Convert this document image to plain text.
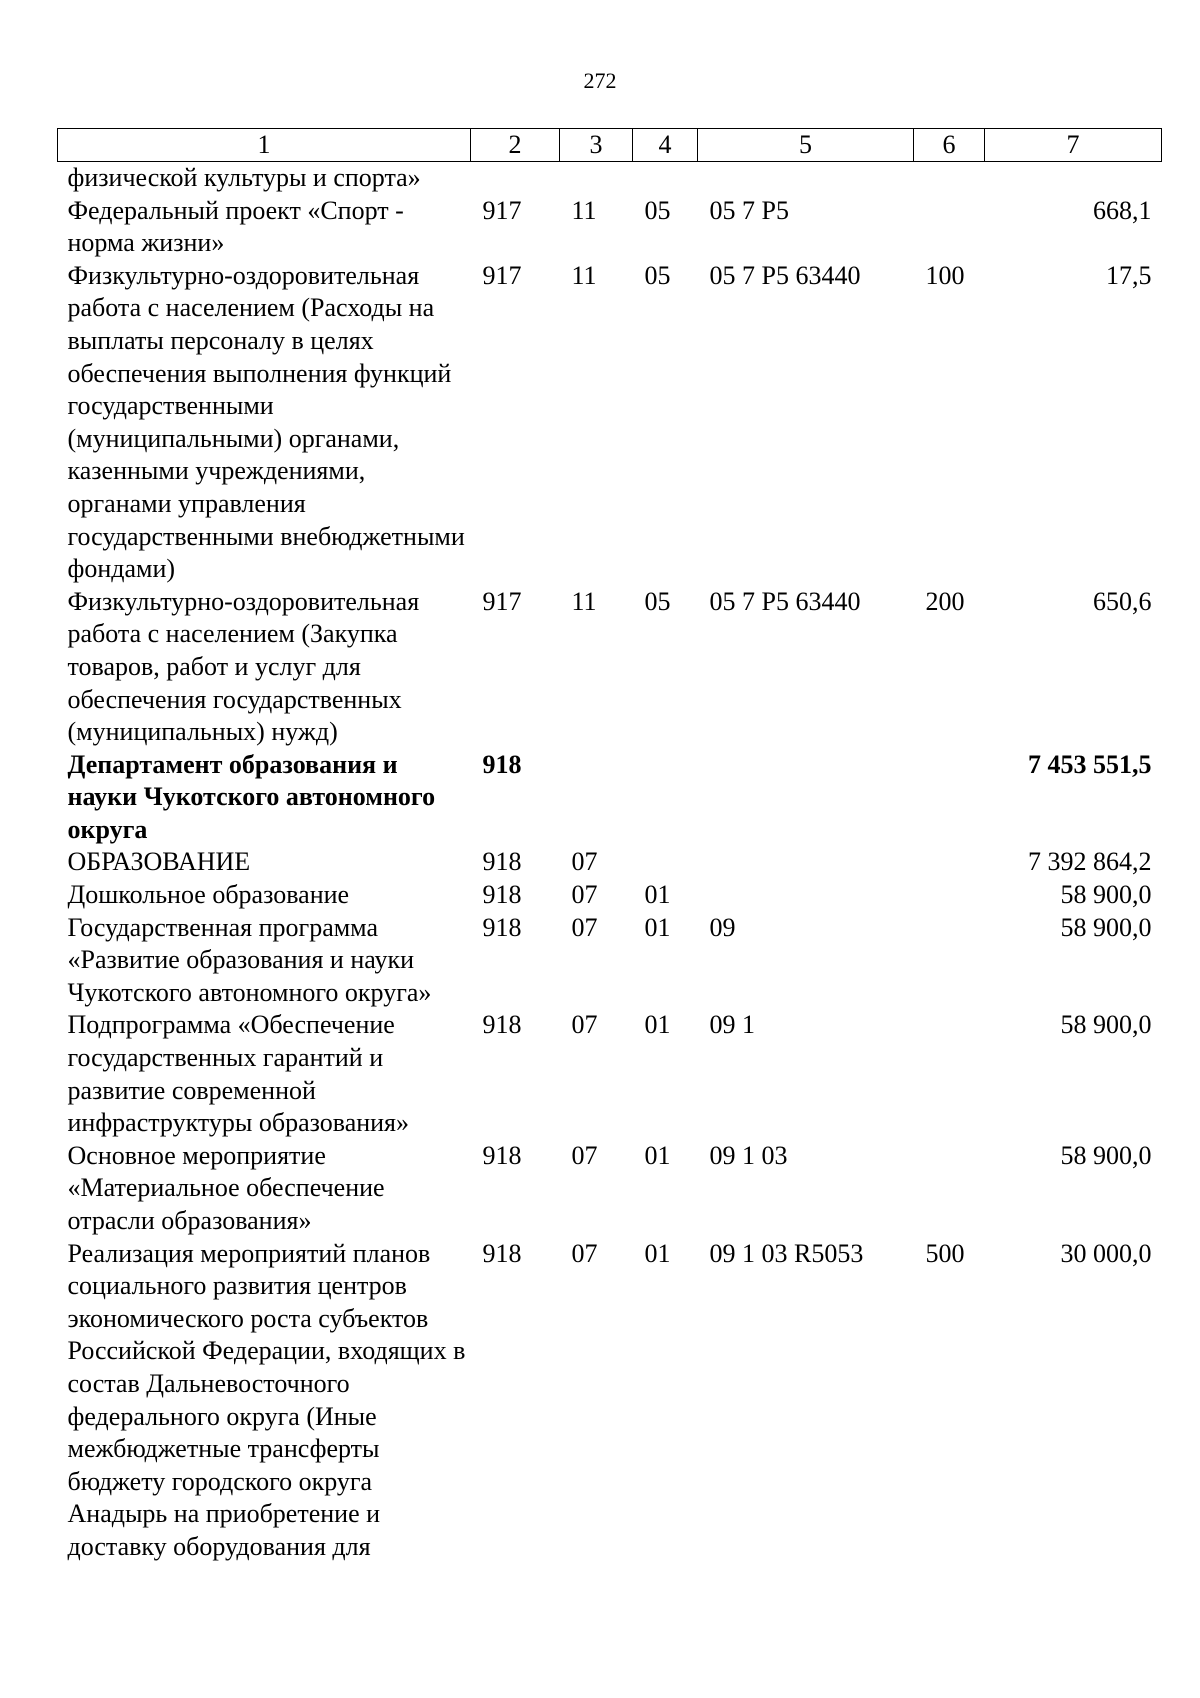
272
1	2	3	4	5	6	7
физической культуры и спорта»						
Федеральный проект «Спорт - норма жизни»	917	11	05	05 7 P5		668,1
Физкультурно-оздоровительная работа с населением (Расходы на выплаты персоналу в целях обеспечения выполнения функций государственными (муниципальными) органами, казенными учреждениями, органами управления государственными внебюджетными фондами)	917	11	05	05 7 P5 63440	100	17,5
Физкультурно-оздоровительная работа с населением (Закупка товаров, работ и услуг для обеспечения государственных (муниципальных) нужд)	917	11	05	05 7 P5 63440	200	650,6
Департамент образования и науки Чукотского автономного округа	918					7 453 551,5
ОБРАЗОВАНИЕ	918	07				7 392 864,2
Дошкольное образование	918	07	01			58 900,0
Государственная программа «Развитие образования и науки Чукотского автономного округа»	918	07	01	09		58 900,0
Подпрограмма «Обеспечение государственных гарантий и развитие современной инфраструктуры образования»	918	07	01	09 1		58 900,0
Основное мероприятие «Материальное обеспечение отрасли образования»	918	07	01	09 1 03		58 900,0
Реализация мероприятий планов социального развития центров экономического роста субъектов Российской Федерации, входящих в состав Дальневосточного федерального округа (Иные межбюджетные трансферты бюджету городского округа Анадырь на приобретение и доставку оборудования для	918	07	01	09 1 03 R5053	500	30 000,0
